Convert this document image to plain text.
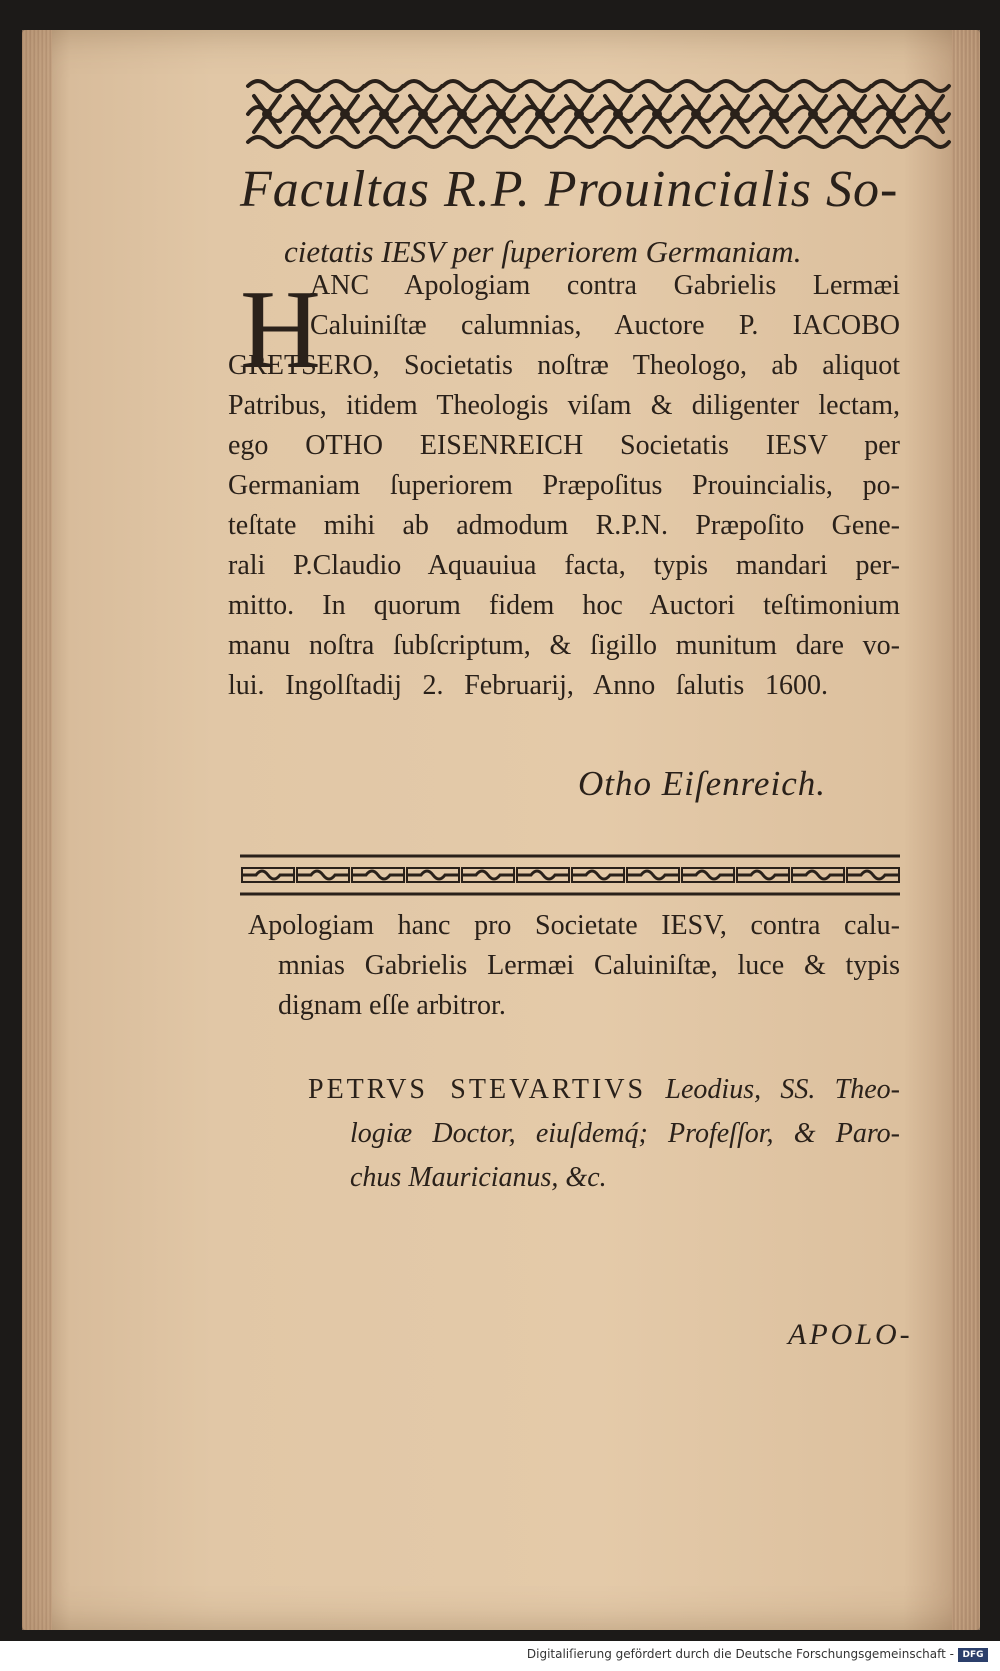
Facultas R.P. Prouincialis So-
cietatis IESV per ſuperiorem Germaniam.
H
ANC Apologiam contra Gabrielis Lermæi
Caluiniſtæ calumnias, Auctore P. IACOBO
GRETSERO, Societatis noſtræ Theologo, ab aliquot
Patribus, itidem Theologis viſam & diligenter lectam,
ego OTHO EISENREICH Societatis IESV per
Germaniam ſuperiorem Præpoſitus Prouincialis, po-
teſtate mihi ab admodum R.P.N. Præpoſito Gene-
rali P.Claudio Aquauiua facta, typis mandari per-
mitto. In quorum fidem hoc Auctori teſtimonium
manu noſtra ſubſcriptum, & ſigillo munitum dare vo-
lui. Ingolſtadij 2. Februarij, Anno ſalutis 1600.
Otho Eiſenreich.
Apologiam hanc pro Societate IESV, contra calu-
mnias Gabrielis Lermæi Caluiniſtæ, luce & typis
dignam eſſe arbitror.
PETRVS STEVARTIVS Leodius, SS. Theo-
logiæ Doctor, eiuſdemq́; Profeſſor, & Paro-
chus Mauricianus, &c.
APOLO-
Digitaliſierung gefördert durch die Deutsche Forschungsgemeinschaft - DFG
